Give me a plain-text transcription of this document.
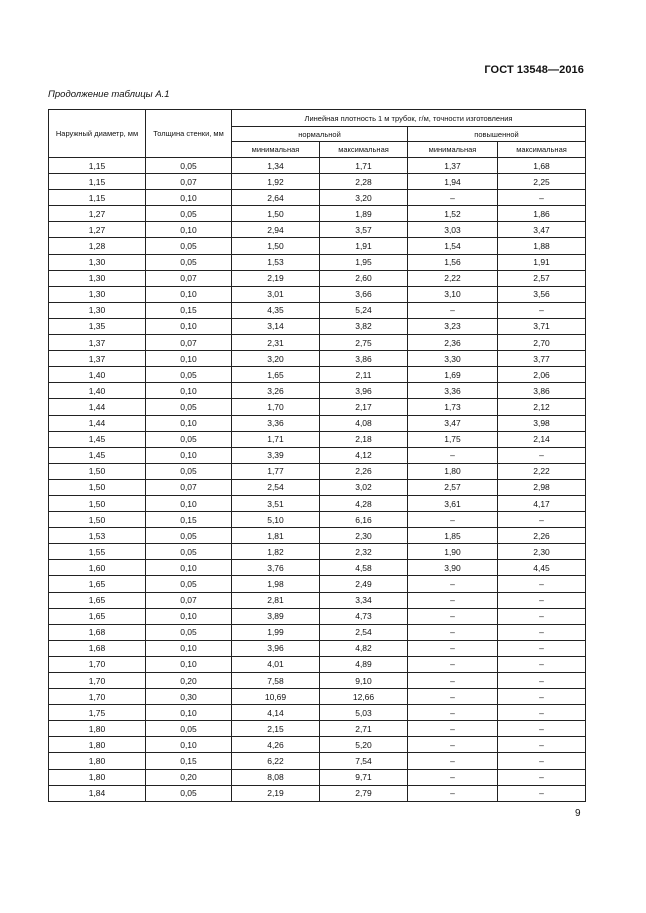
ГОСТ 13548—2016
Продолжение таблицы А.1
Наружный диаметр, мм	Толщина стенки, мм	Линейная плотность 1 м трубок, г/м, точности изготовления			
		нормальной		повышенной	
		минимальная	максимальная	минимальная	максимальная
1,15	0,05	1,34	1,71	1,37	1,68
1,15	0,07	1,92	2,28	1,94	2,25
1,15	0,10	2,64	3,20	–	–
1,27	0,05	1,50	1,89	1,52	1,86
1,27	0,10	2,94	3,57	3,03	3,47
1,28	0,05	1,50	1,91	1,54	1,88
1,30	0,05	1,53	1,95	1,56	1,91
1,30	0,07	2,19	2,60	2,22	2,57
1,30	0,10	3,01	3,66	3,10	3,56
1,30	0,15	4,35	5,24	–	–
1,35	0,10	3,14	3,82	3,23	3,71
1,37	0,07	2,31	2,75	2,36	2,70
1,37	0,10	3,20	3,86	3,30	3,77
1,40	0,05	1,65	2,11	1,69	2,06
1,40	0,10	3,26	3,96	3,36	3,86
1,44	0,05	1,70	2,17	1,73	2,12
1,44	0,10	3,36	4,08	3,47	3,98
1,45	0,05	1,71	2,18	1,75	2,14
1,45	0,10	3,39	4,12	–	–
1,50	0,05	1,77	2,26	1,80	2,22
1,50	0,07	2,54	3,02	2,57	2,98
1,50	0,10	3,51	4,28	3,61	4,17
1,50	0,15	5,10	6,16	–	–
1,53	0,05	1,81	2,30	1,85	2,26
1,55	0,05	1,82	2,32	1,90	2,30
1,60	0,10	3,76	4,58	3,90	4,45
1,65	0,05	1,98	2,49	–	–
1,65	0,07	2,81	3,34	–	–
1,65	0,10	3,89	4,73	–	–
1,68	0,05	1,99	2,54	–	–
1,68	0,10	3,96	4,82	–	–
1,70	0,10	4,01	4,89	–	–
1,70	0,20	7,58	9,10	–	–
1,70	0,30	10,69	12,66	–	–
1,75	0,10	4,14	5,03	–	–
1,80	0,05	2,15	2,71	–	–
1,80	0,10	4,26	5,20	–	–
1,80	0,15	6,22	7,54	–	–
1,80	0,20	8,08	9,71	–	–
1,84	0,05	2,19	2,79	–	–
9
